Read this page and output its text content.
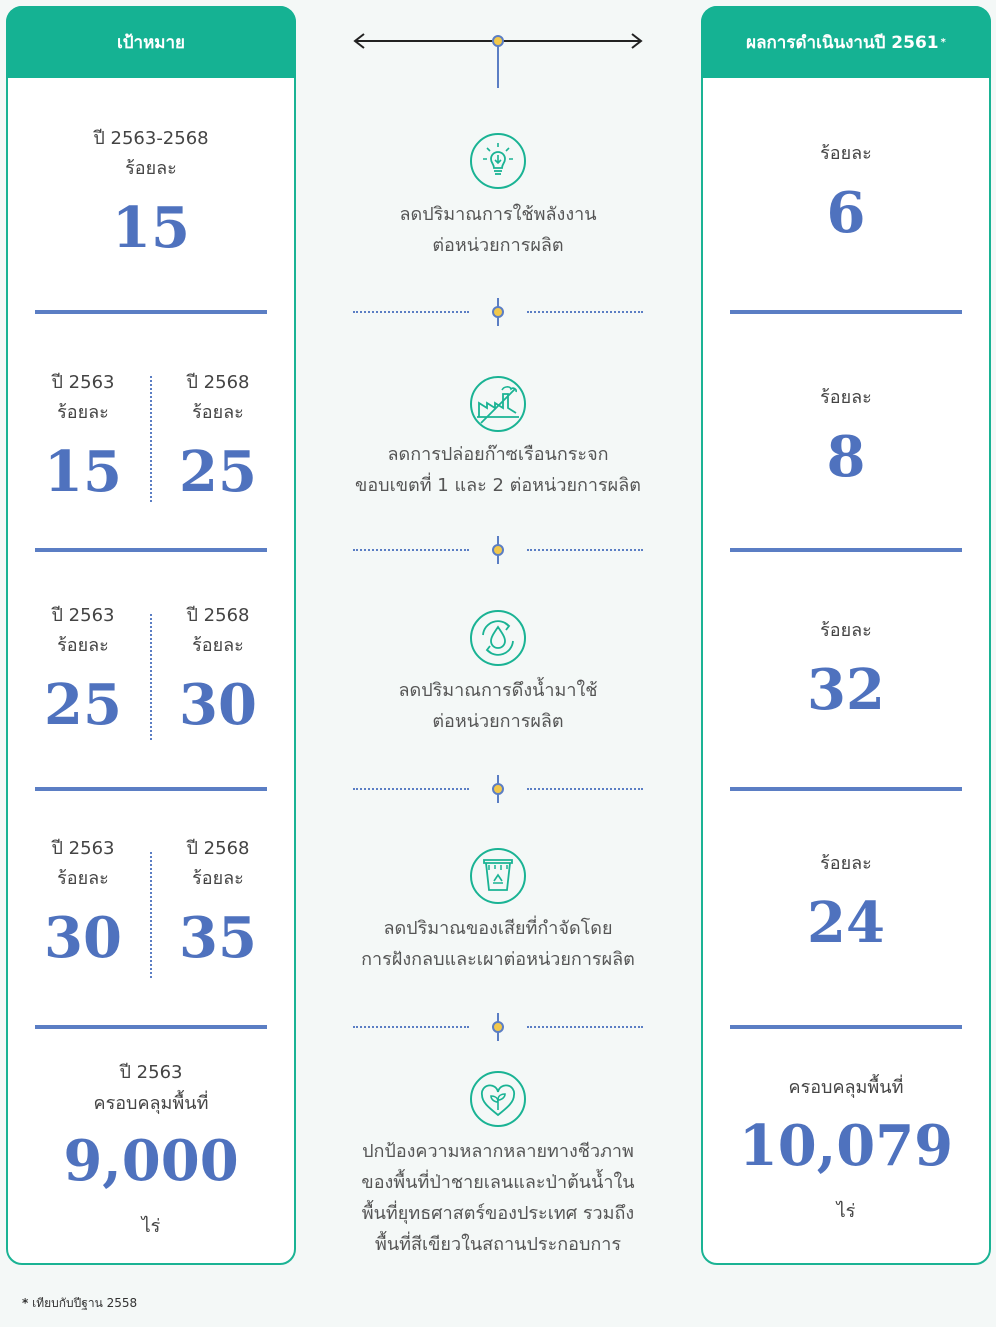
เป้าหมาย
ปี 2563-2568
ร้อยละ
15
ปี 2563
ร้อยละ
15
ปี 2568
ร้อยละ
25
ปี 2563
ร้อยละ
25
ปี 2568
ร้อยละ
30
ปี 2563
ร้อยละ
30
ปี 2568
ร้อยละ
35
ปี 2563
ครอบคลุมพื้นที่
9,000
ไร่
ผลการดำเนินงานปี 2561 *
ร้อยละ
6
ร้อยละ
8
ร้อยละ
32
ร้อยละ
24
ครอบคลุมพื้นที่
10,079
ไร่
ลดปริมาณการใช้พลังงาน
ต่อหน่วยการผลิต
ลดการปล่อยก๊าซเรือนกระจก
ขอบเขตที่ 1 และ 2 ต่อหน่วยการผลิต
ลดปริมาณการดึงน้ำมาใช้
ต่อหน่วยการผลิต
ลดปริมาณของเสียที่กำจัดโดย
การฝังกลบและเผาต่อหน่วยการผลิต
ปกป้องความหลากหลายทางชีวภาพ
ของพื้นที่ป่าชายเลนและป่าต้นน้ำใน
พื้นที่ยุทธศาสตร์ของประเทศ รวมถึง
พื้นที่สีเขียวในสถานประกอบการ
* เทียบกับปีฐาน 2558
